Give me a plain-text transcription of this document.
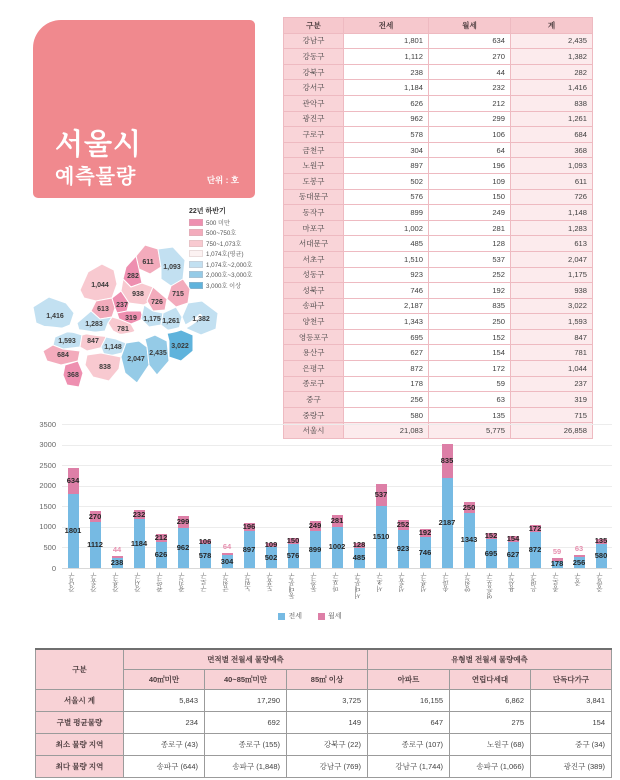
서울시
예측물량	단위 : 호
22년 하반기
500 미만
500~750호
750~1,073호
1,074호(평균)
1,074호~2,000호
2,000호~3,000호
3,000호 이상
611
1,093
282
1,044
938	715
726
613
237
319 1,175 1,261
781
1,283
1,416	1,382
1,593 847
684
368
1,148
838
2,047
2,435
3,022
구분	전세	월세	계
강남구	1,801	634	2,435
강동구	1,112	270	1,382
강북구	238	44	282
강서구	1,184	232	1,416
관악구	626	212	838
광진구	962	299	1,261
구로구	578	106	684
금천구	304	64	368
노원구	897	196	1,093
도봉구	502	109	611
동대문구	576	150	726
동작구	899	249	1,148
마포구	1,002	281	1,283
서대문구	485	128	613
서초구	1,510	537	2,047
성동구	923	252	1,175
성북구	746	192	938
송파구	2,187	835	3,022
양천구	1,343	250	1,593
영등포구	695	152	847
용산구	627	154	781
은평구	872	172	1,044
종로구	178	59	237
중구	256	63	319
중랑구	580	135	715
서울시	21,083	5,775	26,858
0
500
1000
1500
2000
2500
3000
3500
1801
634
강남구
1112
270
강동구
238
44
강북구
1184
232
강서구
626
212
관악구
962
299
광진구
578
106
구로구
304
64
금천구
897
196
노원구
502
109
도봉구
576
150
동대문구
899
249
동작구
1002
281
마포구
485
128
서대문구
1510
537
서초구
923
252
성동구
746
192
성북구
2187
835
송파구
1343
250
양천구
695
152
영등포구
627
154
용산구
872
172
은평구
178
59
종로구
256
63
중구
580
135
중랑구
전세	월세
구분	면적별 전월세 물량예측			유형별 전월세 물량예측		
	40㎡미만	40~85㎡미만	85㎡ 이상	아파트	연립다세대	단독다가구
서울시 계	5,843	17,290	3,725	16,155	6,862	3,841
구별 평균물량	234	692	149	647	275	154
최소 물량 지역	종로구 (43)	종로구 (155)	강북구 (22)	종로구 (107)	노원구 (68)	중구 (34)
최다 물량 지역	송파구 (644)	송파구 (1,848)	강남구 (769)	강남구 (1,744)	송파구 (1,066)	광진구 (389)
